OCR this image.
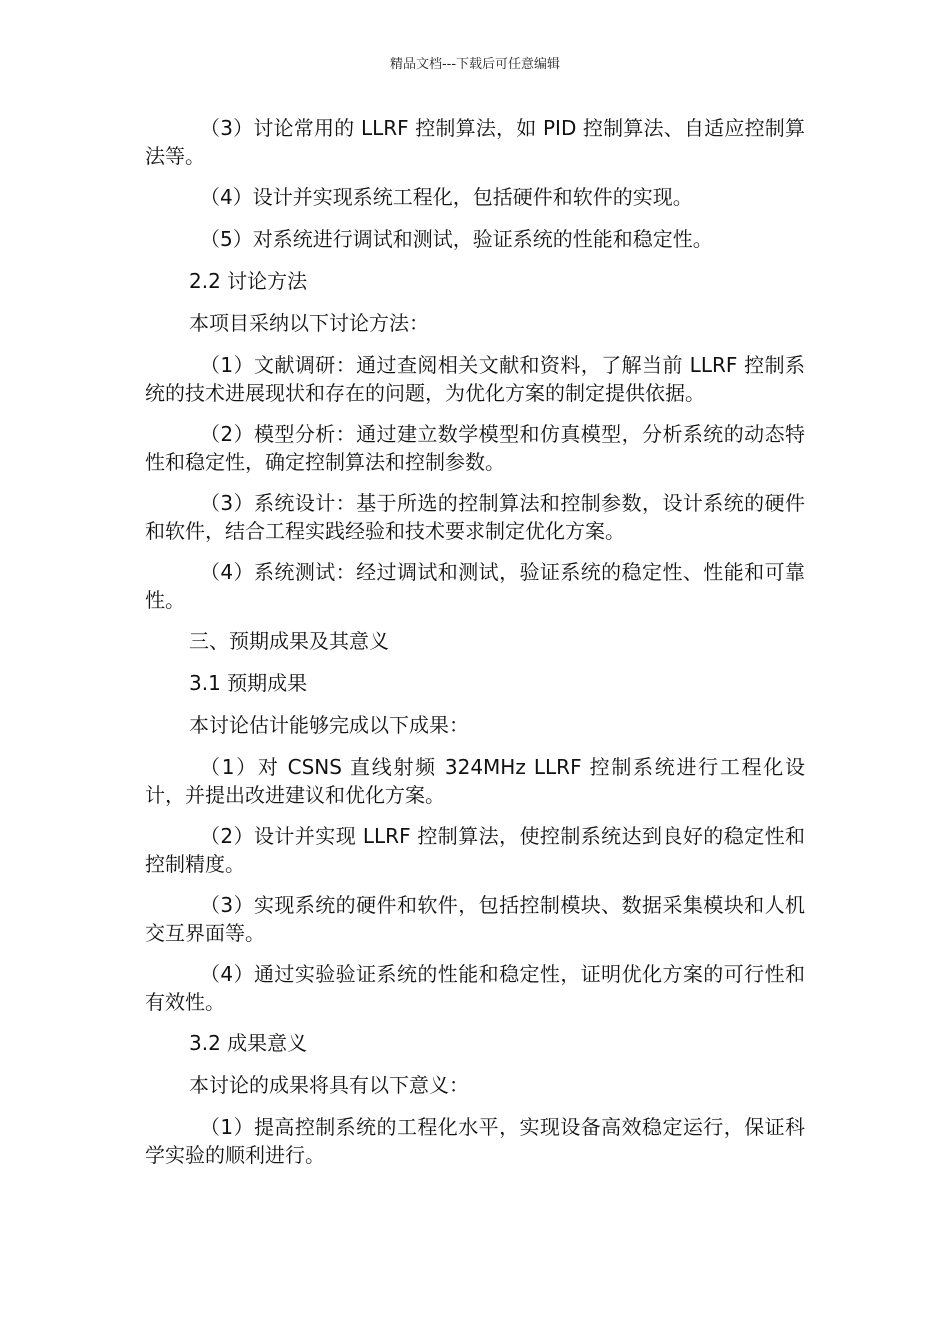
精品文档---下载后可任意编辑

（3）讨论常用的 LLRF 控制算法，如 PID 控制算法、自适应控制算法等。

（4）设计并实现系统工程化，包括硬件和软件的实现。

（5）对系统进行调试和测试，验证系统的性能和稳定性。

2.2 讨论方法

本项目采纳以下讨论方法：

（1）文献调研：通过查阅相关文献和资料，了解当前 LLRF 控制系统的技术进展现状和存在的问题，为优化方案的制定提供依据。

（2）模型分析：通过建立数学模型和仿真模型，分析系统的动态特性和稳定性，确定控制算法和控制参数。

（3）系统设计：基于所选的控制算法和控制参数，设计系统的硬件和软件，结合工程实践经验和技术要求制定优化方案。

（4）系统测试：经过调试和测试，验证系统的稳定性、性能和可靠性。

三、预期成果及其意义

3.1 预期成果

本讨论估计能够完成以下成果：

（1）对 CSNS 直线射频 324MHz LLRF 控制系统进行工程化设计，并提出改进建议和优化方案。

（2）设计并实现 LLRF 控制算法，使控制系统达到良好的稳定性和控制精度。

（3）实现系统的硬件和软件，包括控制模块、数据采集模块和人机交互界面等。

（4）通过实验验证系统的性能和稳定性，证明优化方案的可行性和有效性。

3.2 成果意义

本讨论的成果将具有以下意义：

（1）提高控制系统的工程化水平，实现设备高效稳定运行，保证科学实验的顺利进行。
